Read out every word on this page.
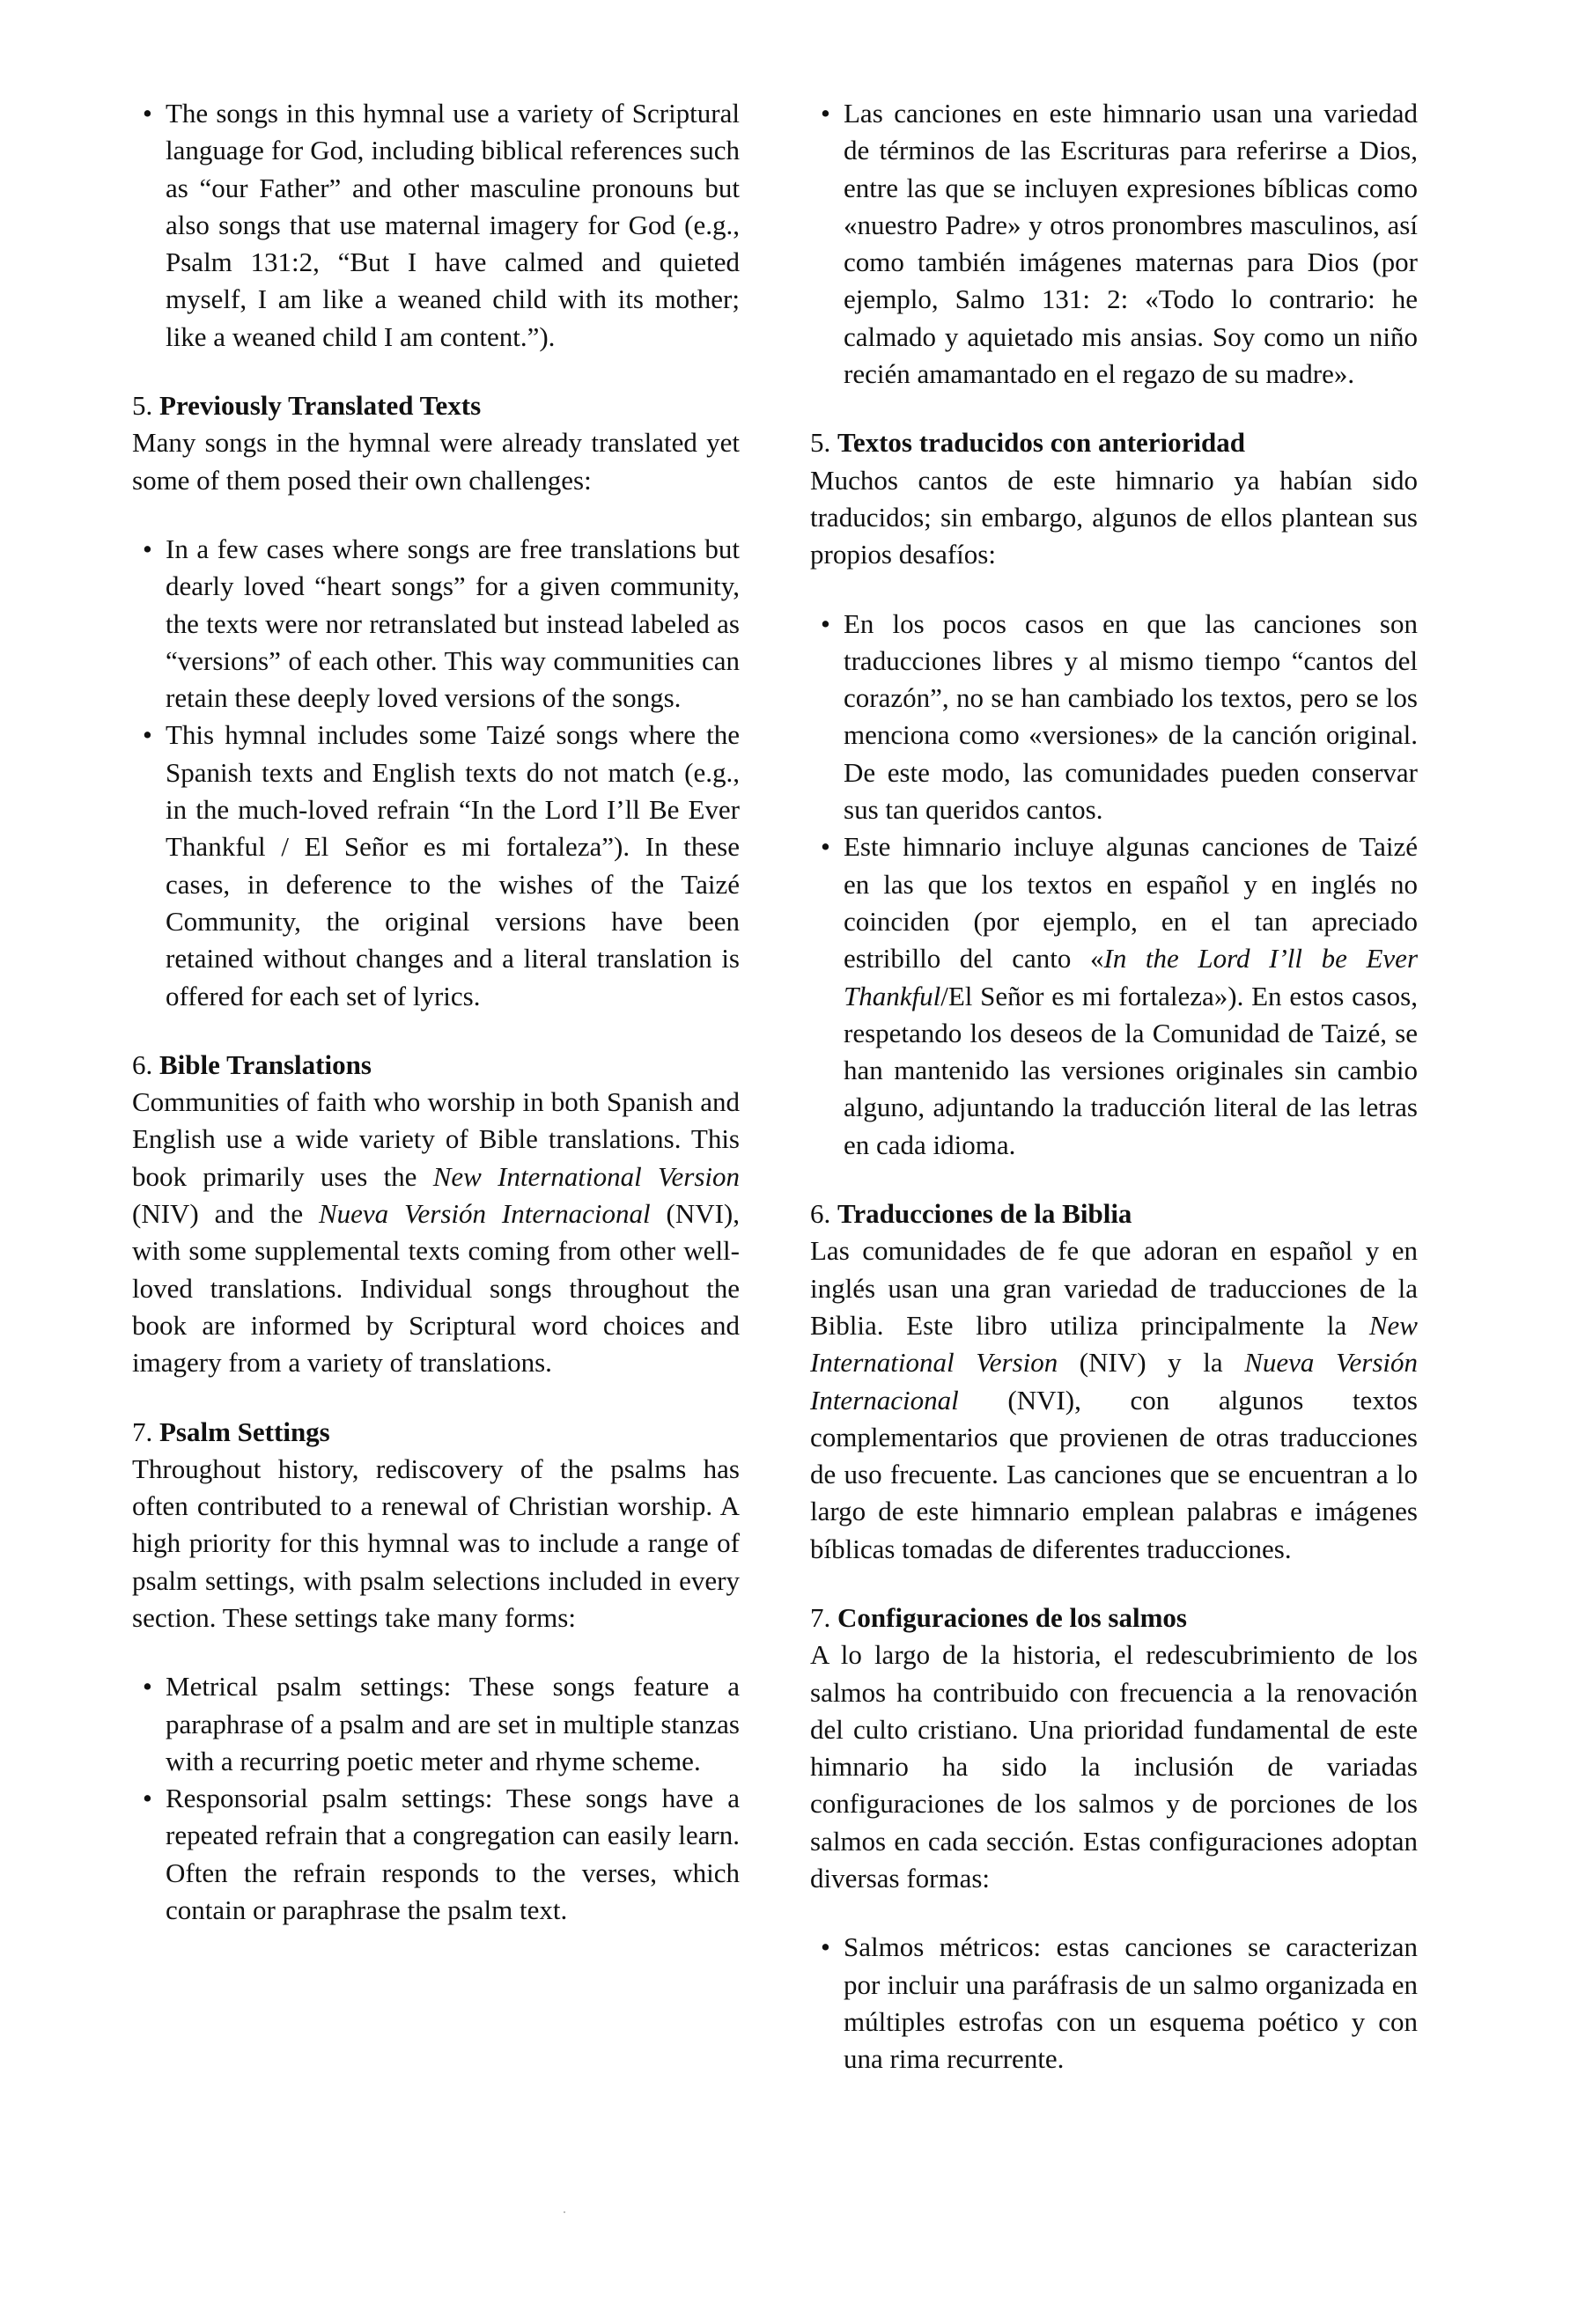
• The songs in this hymnal use a variety of Scriptural language for God, including biblical references such as “our Father” and other masculine pronouns but also songs that use maternal imagery for God (e.g., Psalm 131:2, “But I have calmed and quieted myself, I am like a weaned child with its mother; like a weaned child I am content.”).

5. Previously Translated Texts

Many songs in the hymnal were already translated yet some of them posed their own challenges:

• In a few cases where songs are free translations but dearly loved “heart songs” for a given community, the texts were nor retranslated but instead labeled as “versions” of each other. This way communities can retain these deeply loved versions of the songs.

• This hymnal includes some Taizé songs where the Spanish texts and English texts do not match (e.g., in the much-loved refrain “In the Lord I’ll Be Ever Thankful / El Señor es mi fortaleza”). In these cases, in deference to the wishes of the Taizé Community, the original versions have been retained without changes and a literal translation is offered for each set of lyrics.

6. Bible Translations

Communities of faith who worship in both Spanish and English use a wide variety of Bible translations. This book primarily uses the New International Version (NIV) and the Nueva Versión Internacional (NVI), with some supplemental texts coming from other well-loved translations. Individual songs throughout the book are informed by Scriptural word choices and imagery from a variety of translations.

7. Psalm Settings

Throughout history, rediscovery of the psalms has often contributed to a renewal of Christian worship. A high priority for this hymnal was to include a range of psalm settings, with psalm selections included in every section. These settings take many forms:

• Metrical psalm settings: These songs feature a paraphrase of a psalm and are set in multiple stanzas with a recurring poetic meter and rhyme scheme.

• Responsorial psalm settings: These songs have a repeated refrain that a congregation can easily learn. Often the refrain responds to the verses, which contain or paraphrase the psalm text.

• Las canciones en este himnario usan una variedad de términos de las Escrituras para referirse a Dios, entre las que se incluyen expresiones bíblicas como «nuestro Padre» y otros pronombres masculinos, así como también imágenes maternas para Dios (por ejemplo, Salmo 131: 2: «Todo lo contrario: he calmado y aquietado mis ansias. Soy como un niño recién amamantado en el regazo de su madre».

5. Textos traducidos con anterioridad

Muchos cantos de este himnario ya habían sido traducidos; sin embargo, algunos de ellos plantean sus propios desafíos:

• En los pocos casos en que las canciones son traducciones libres y al mismo tiempo “cantos del corazón”, no se han cambiado los textos, pero se los menciona como «versiones» de la canción original. De este modo, las comunidades pueden conservar sus tan queridos cantos.

• Este himnario incluye algunas canciones de Taizé en las que los textos en español y en inglés no coinciden (por ejemplo, en el tan apreciado estribillo del canto «In the Lord I’ll be Ever Thankful/El Señor es mi fortaleza»). En estos casos, respetando los deseos de la Comunidad de Taizé, se han mantenido las versiones originales sin cambio alguno, adjuntando la traducción literal de las letras en cada idioma.

6. Traducciones de la Biblia

Las comunidades de fe que adoran en español y en inglés usan una gran variedad de traducciones de la Biblia. Este libro utiliza principalmente la New International Version (NIV) y la Nueva Versión Internacional (NVI), con algunos textos complementarios que provienen de otras traducciones de uso frecuente. Las canciones que se encuentran a lo largo de este himnario emplean palabras e imágenes bíblicas tomadas de diferentes traducciones.

7. Configuraciones de los salmos

A lo largo de la historia, el redescubrimiento de los salmos ha contribuido con frecuencia a la renovación del culto cristiano. Una prioridad fundamental de este himnario ha sido la inclusión de variadas configuraciones de los salmos y de porciones de los salmos en cada sección. Estas configuraciones adoptan diversas formas:

• Salmos métricos: estas canciones se caracterizan por incluir una paráfrasis de un salmo organizada en múltiples estrofas con un esquema poético y con una rima recurrente.
